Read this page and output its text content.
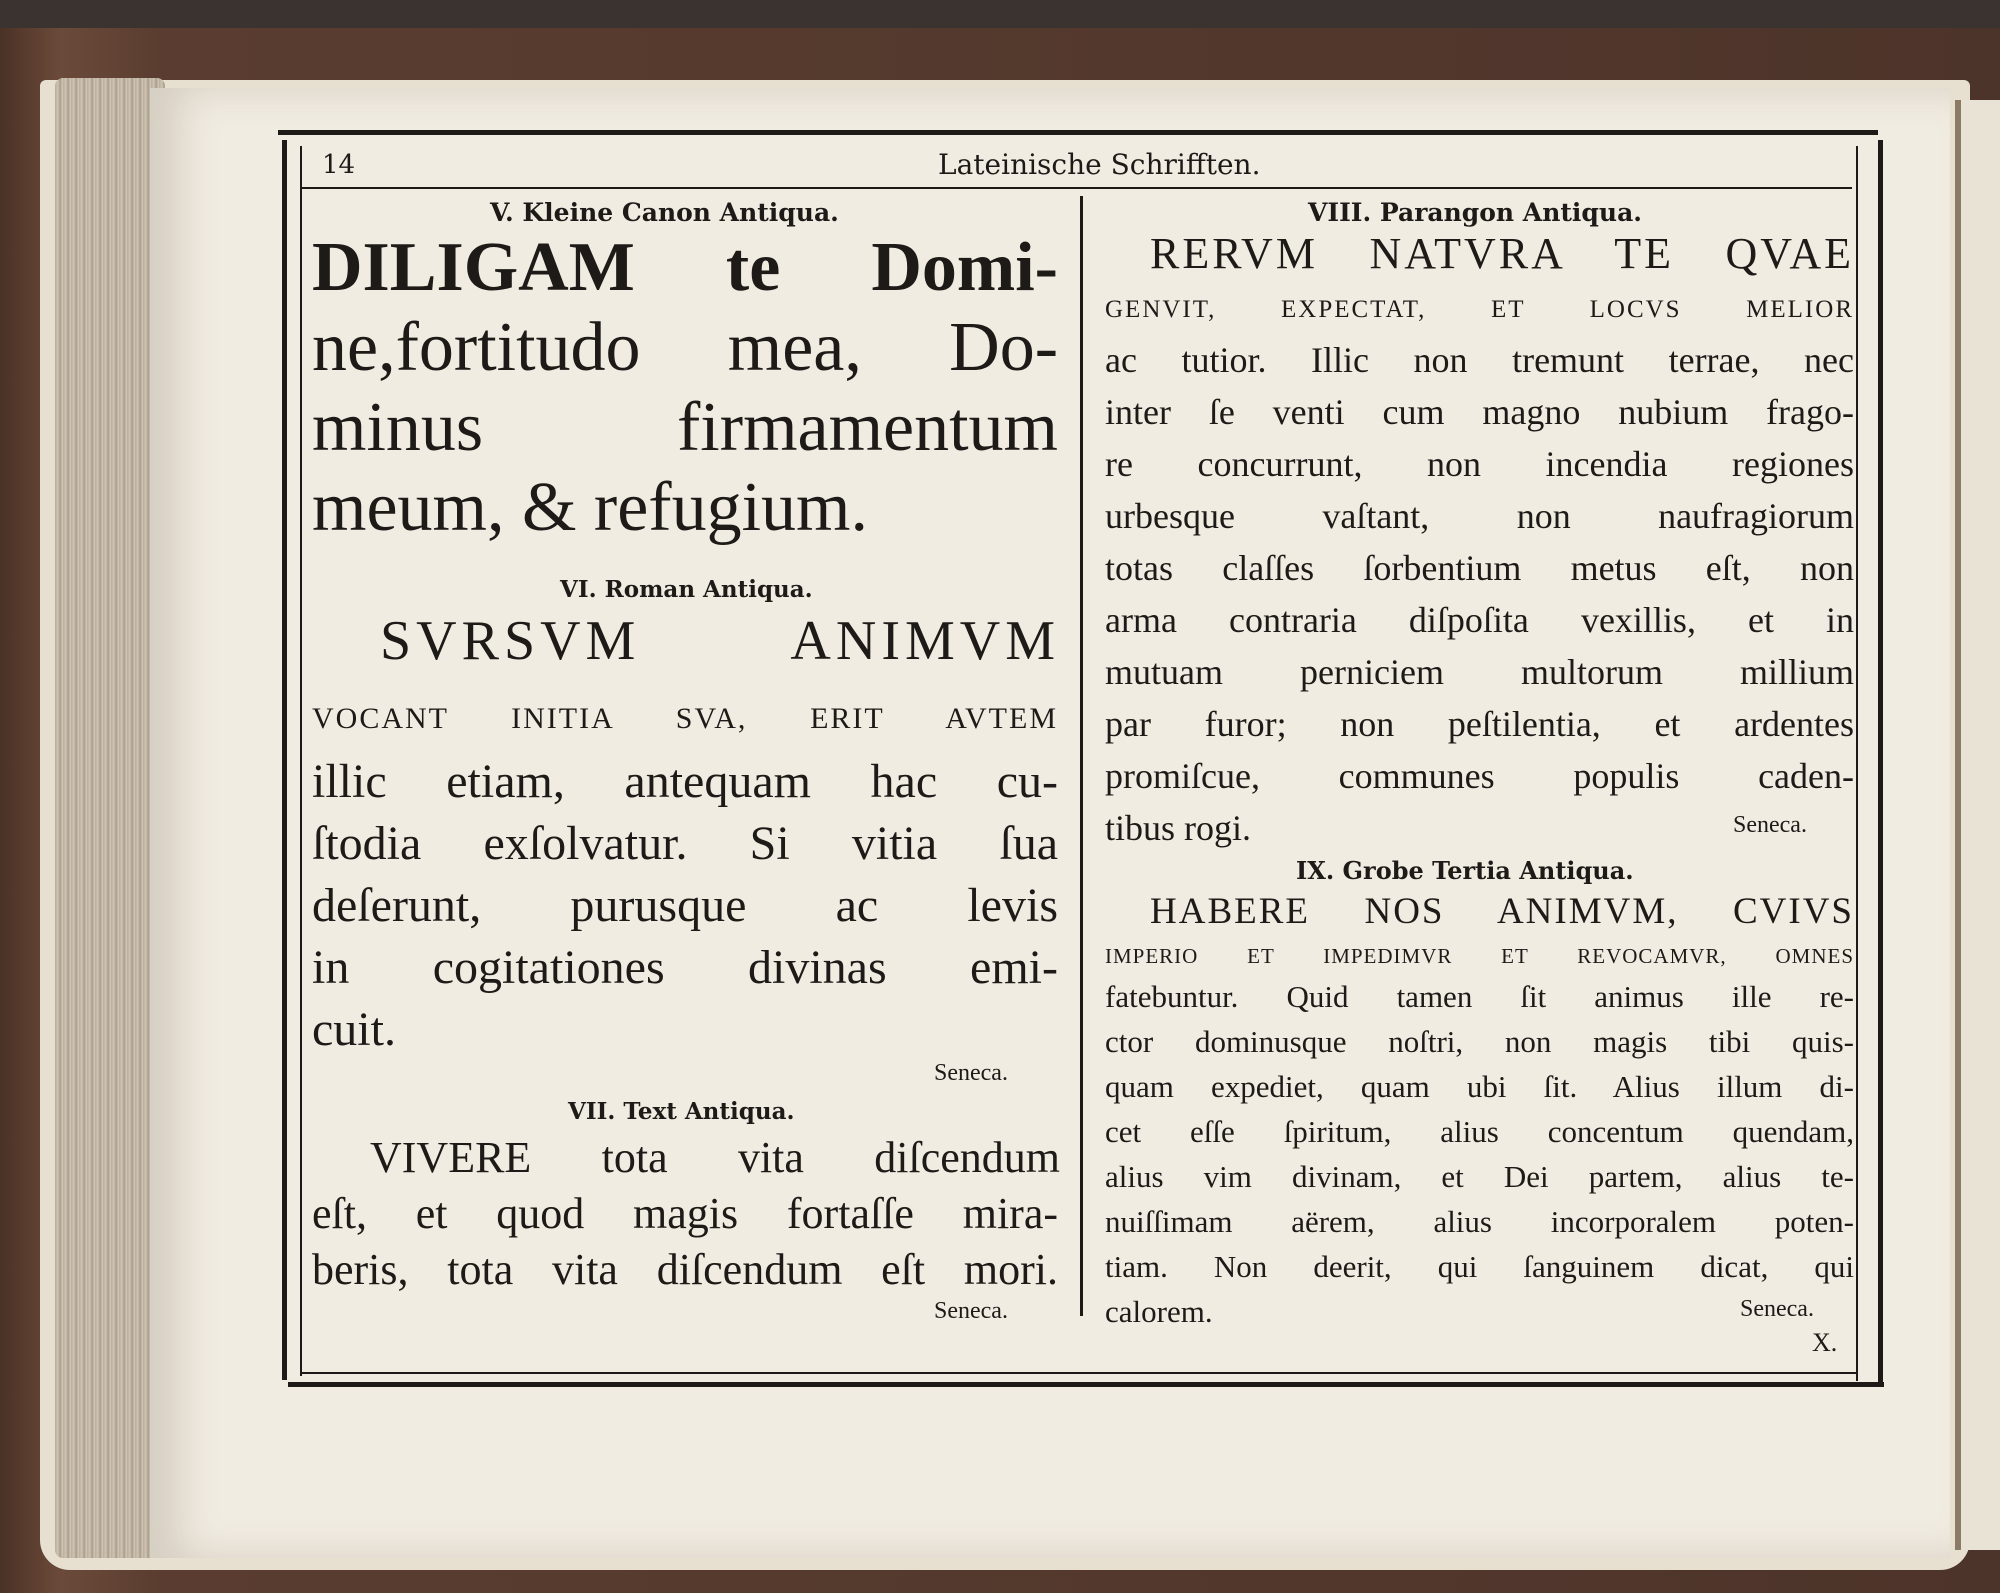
14	Lateinische Schrifften.
V. Kleine Canon Antiqua.
DILIGAM te Domi-
ne,fortitudo mea, Do-
minus firmamentum
meum, & refugium.
VI. Roman Antiqua.
SVRSVM ANIMVM
VOCANT INITIA SVA, ERIT AVTEM
illic etiam, antequam hac cu-
ſtodia exſolvatur. Si vitia ſua
deſerunt, purusque ac levis
in cogitationes divinas emi-
cuit.
Seneca.
VII. Text Antiqua.
VIVERE tota vita diſcendum
eſt, et quod magis fortaſſe mira-
beris, tota vita diſcendum eſt mori.
Seneca.
VIII. Parangon Antiqua.
RERVM NATVRA TE QVAE
GENVIT, EXPECTAT, ET LOCVS MELIOR
ac tutior. Illic non tremunt terrae, nec
inter ſe venti cum magno nubium frago-
re concurrunt, non incendia regiones
urbesque vaſtant, non naufragiorum
totas claſſes ſorbentium metus eſt, non
arma contraria diſpoſita vexillis, et in
mutuam perniciem multorum millium
par furor; non peſtilentia, et ardentes
promiſcue, communes populis caden-
tibus rogi.	Seneca.
IX. Grobe Tertia Antiqua.
HABERE NOS ANIMVM, CVIVS
IMPERIO ET IMPEDIMVR ET REVOCAMVR, OMNES
fatebuntur. Quid tamen ſit animus ille re-
ctor dominusque noſtri, non magis tibi quis-
quam expediet, quam ubi ſit. Alius illum di-
cet eſſe ſpiritum, alius concentum quendam,
alius vim divinam, et Dei partem, alius te-
nuiſſimam aërem, alius incorporalem poten-
tiam. Non deerit, qui ſanguinem dicat, qui
calorem.	Seneca.
X.
